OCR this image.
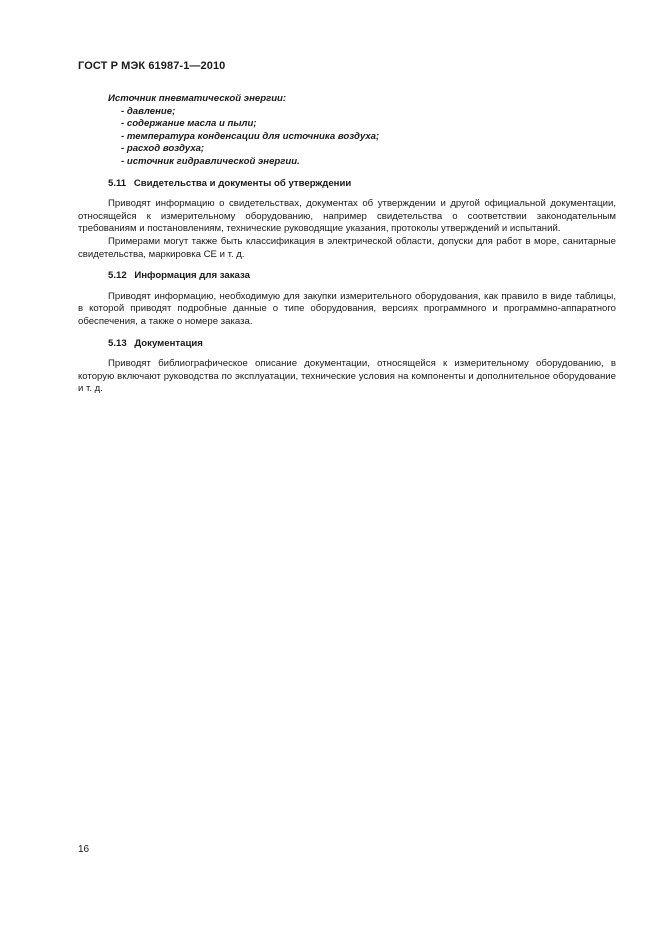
ГОСТ Р МЭК 61987-1—2010
Источник пневматической энергии:
- давление;
- содержание масла и пыли;
- температура конденсации для источника воздуха;
- расход воздуха;
- источник гидравлической энергии.
5.11 Свидетельства и документы об утверждении

Приводят информацию о свидетельствах, документах об утверждении и другой официальной документации, относящейся к измерительному оборудованию, например свидетельства о соответствии законодательным требованиям и постановлениям, технические руководящие указания, протоколы утверждений и испытаний.

Примерами могут также быть классификация в электрической области, допуски для работ в море, санитарные свидетельства, маркировка СЕ и т. д.

5.12 Информация для заказа

Приводят информацию, необходимую для закупки измерительного оборудования, как правило в виде таблицы, в которой приводят подробные данные о типе оборудования, версиях программного и программно-аппаратного обеспечения, а также о номере заказа.

5.13 Документация

Приводят библиографическое описание документации, относящейся к измерительному оборудованию, в которую включают руководства по эксплуатации, технические условия на компоненты и дополнительное оборудование и т. д.

16
